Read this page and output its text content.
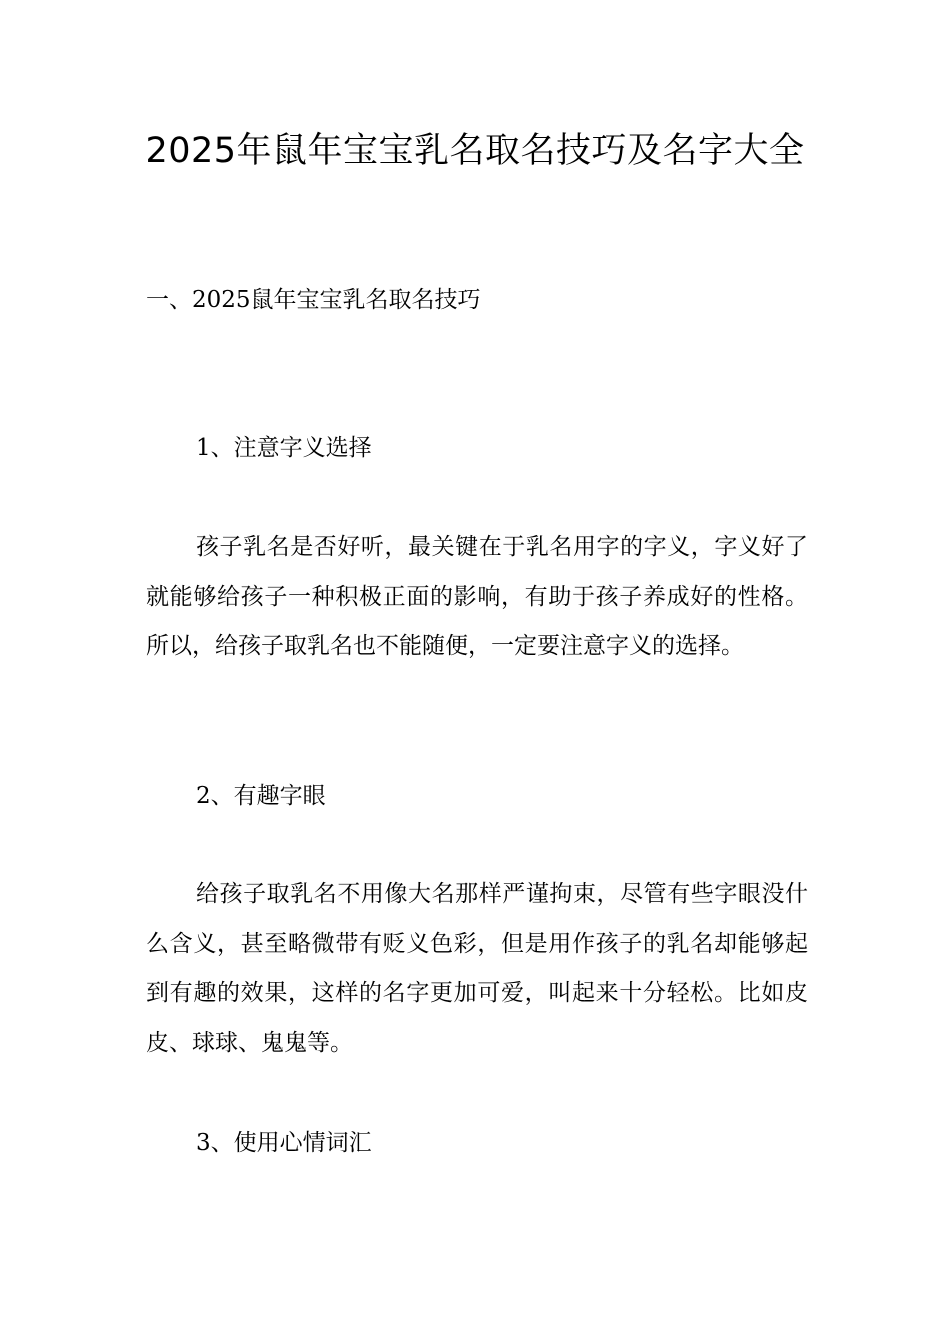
2025年鼠年宝宝乳名取名技巧及名字大全
一、2025鼠年宝宝乳名取名技巧
1、注意字义选择
孩子乳名是否好听，最关键在于乳名用字的字义，字义好了就能够给孩子一种积极正面的影响，有助于孩子养成好的性格。所以，给孩子取乳名也不能随便，一定要注意字义的选择。
2、有趣字眼
给孩子取乳名不用像大名那样严谨拘束，尽管有些字眼没什么含义，甚至略微带有贬义色彩，但是用作孩子的乳名却能够起到有趣的效果，这样的名字更加可爱，叫起来十分轻松。比如皮皮、球球、鬼鬼等。
3、使用心情词汇
